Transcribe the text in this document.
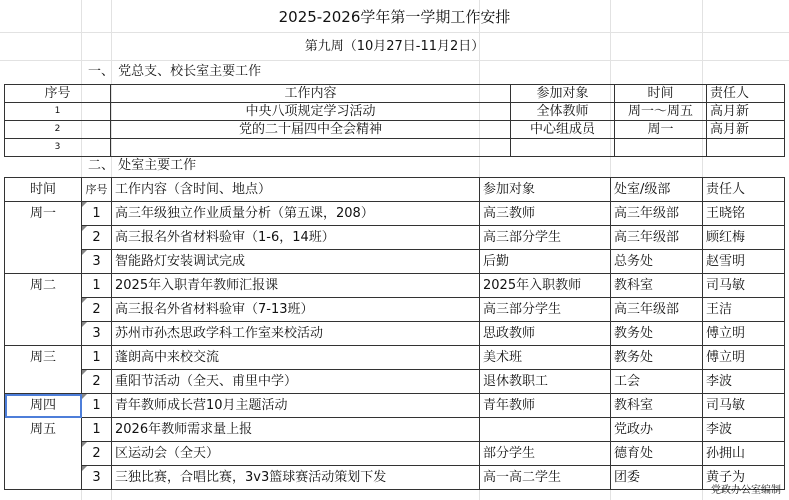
2025-2026学年第一学期工作安排
第九周（10月27日-11月2日）
一、 党总支、校长室主要工作
序号	工作内容	参加对象	时间	责任人
1	中央八项规定学习活动	全体教师	周一～周五	高月新
2	党的二十届四中全会精神	中心组成员	周一	高月新
3				
二、 处室主要工作
时间	序号	工作内容（含时间、地点）	参加对象	处室/级部	责任人
周一	1	高三年级独立作业质量分析（第五课，208）	高三教师	高三年级部	王晓铭

2	高三报名外省材料验审（1-6，14班）	高三部分学生	高三年级部	顾红梅

3	智能路灯安装调试完成	后勤	总务处	赵雪明
周二	1	2025年入职青年教师汇报课	2025年入职教师	教科室	司马敏

2	高三报名外省材料验审（7-13班）	高三部分学生	高三年级部	王洁

3	苏州市孙杰思政学科工作室来校活动	思政教师	教务处	傅立明
周三	1	蓬朗高中来校交流	美术班	教务处	傅立明

2	重阳节活动（全天、甫里中学）	退休教职工	工会	李波
周四	1	青年教师成长营10月主题活动	青年教师	教科室	司马敏
周五	1	2026年教师需求量上报		党政办	李波

2	区运动会（全天）	部分学生	德育处	孙拥山

3	三独比赛，合唱比赛，3v3篮球赛活动策划下发	高一高二学生	团委	黄子为
党政办公室编制
